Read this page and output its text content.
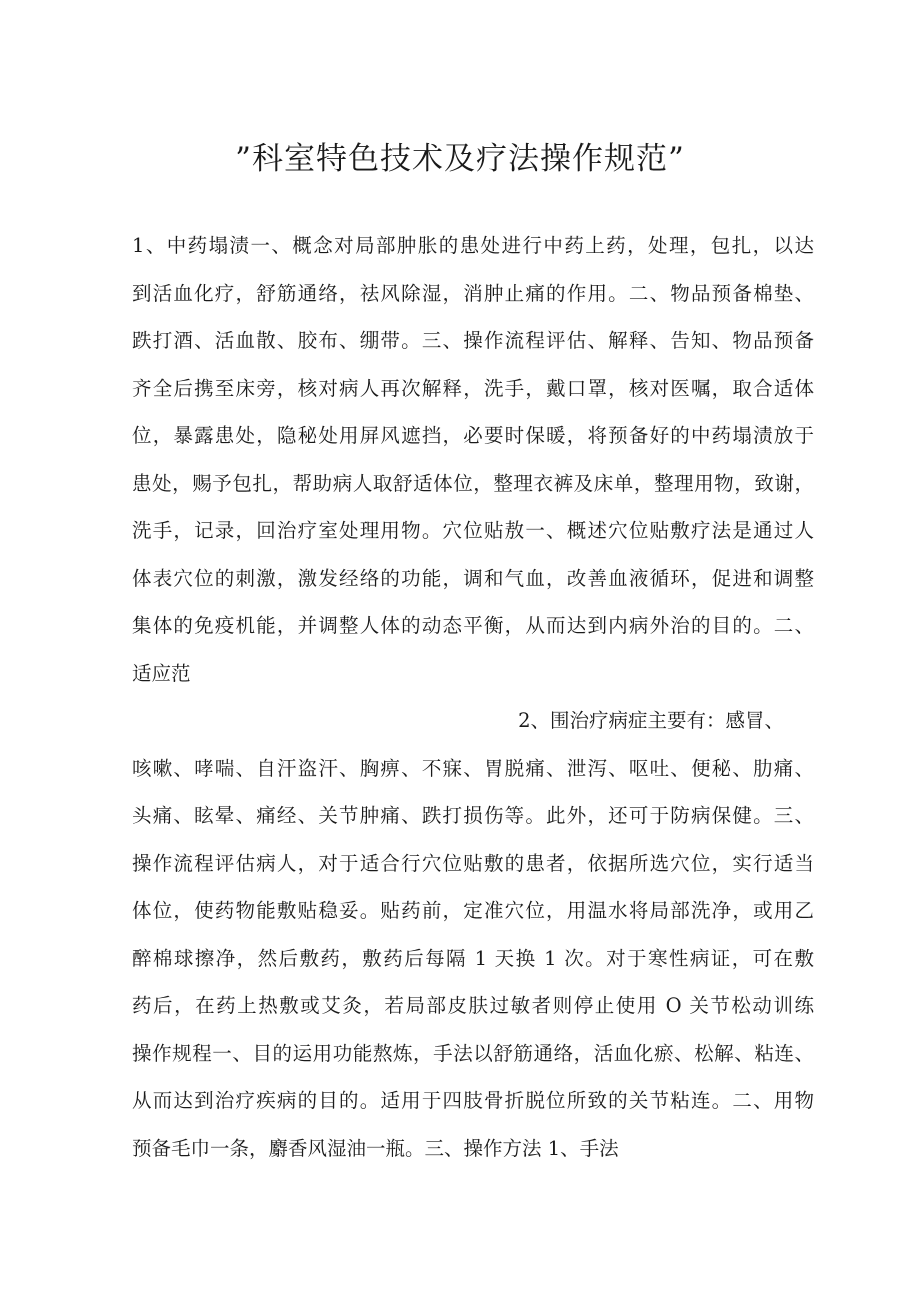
”科室特色技术及疗法操作规范”
1、中药塌渍一、概念对局部肿胀的患处进行中药上药，处理，包扎，以达
到活血化疗，舒筋通络，祛风除湿，消肿止痛的作用。二、物品预备棉垫、
跌打酒、活血散、胶布、绷带。三、操作流程评估、解释、告知、物品预备
齐全后携至床旁，核对病人再次解释，洗手，戴口罩，核对医嘱，取合适体
位，暴露患处，隐秘处用屏风遮挡，必要时保暖，将预备好的中药塌渍放于
患处，赐予包扎，帮助病人取舒适体位，整理衣裤及床单，整理用物，致谢，
洗手，记录，回治疗室处理用物。穴位贴敖一、概述穴位贴敷疗法是通过人
体表穴位的刺激，激发经络的功能，调和气血，改善血液循环，促进和调整
集体的免疫机能，并调整人体的动态平衡，从而达到内病外治的目的。二、
适应范
2、围治疗病症主要有：感冒、
咳嗽、哮喘、自汗盗汗、胸痹、不寐、胃脱痛、泄泻、呕吐、便秘、肋痛、
头痛、眩晕、痛经、关节肿痛、跌打损伤等。此外，还可于防病保健。三、
操作流程评估病人，对于适合行穴位贴敷的患者，依据所选穴位，实行适当
体位，使药物能敷贴稳妥。贴药前，定准穴位，用温水将局部洗净，或用乙
醉棉球擦净，然后敷药，敷药后每隔 1 天换 1 次。对于寒性病证，可在敷
药后，在药上热敷或艾灸，若局部皮肤过敏者则停止使用 O 关节松动训练
操作规程一、目的运用功能熬炼，手法以舒筋通络，活血化瘀、松解、粘连、
从而达到治疗疾病的目的。适用于四肢骨折脱位所致的关节粘连。二、用物
预备毛巾一条，麝香风湿油一瓶。三、操作方法 1、手法
